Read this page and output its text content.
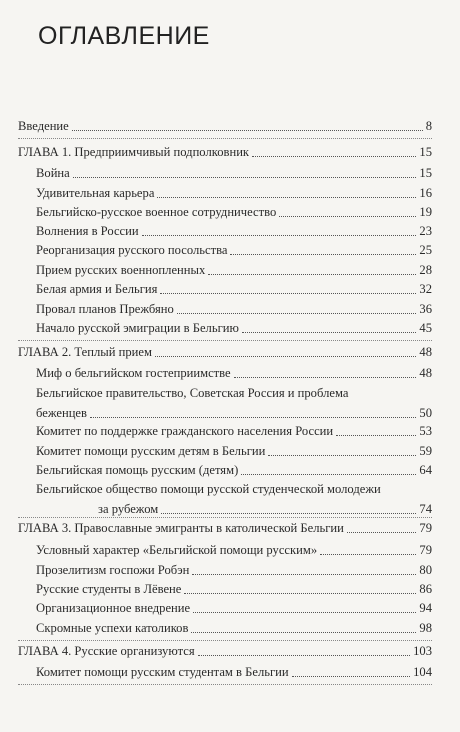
ОГЛАВЛЕНИЕ
Введение	8
ГЛАВА 1. Предприимчивый подполковник	15
Война	15
Удивительная карьера	16
Бельгийско-русское военное сотрудничество	19
Волнения в России	23
Реорганизация русского посольства	25
Прием русских военнопленных	28
Белая армия и Бельгия	32
Провал планов Прежбяно	36
Начало русской эмиграции в Бельгию	45
ГЛАВА 2. Теплый прием	48
Миф о бельгийском гостеприимстве	48
Бельгийское правительство, Советская Россия и проблема
беженцев	50
Комитет по поддержке гражданского населения России	53
Комитет помощи русским детям в Бельгии	59
Бельгийская помощь русским (детям)	64
Бельгийское общество помощи русской студенческой молодежи
за рубежом	74
ГЛАВА 3. Православные эмигранты в католической Бельгии	79
Условный характер «Бельгийской помощи русским»	79
Прозелитизм госпожи Робэн	80
Русские студенты в Лёвене	86
Организационное внедрение	94
Скромные успехи католиков	98
ГЛАВА 4. Русские организуются	103
Комитет помощи русским студентам в Бельгии	104
